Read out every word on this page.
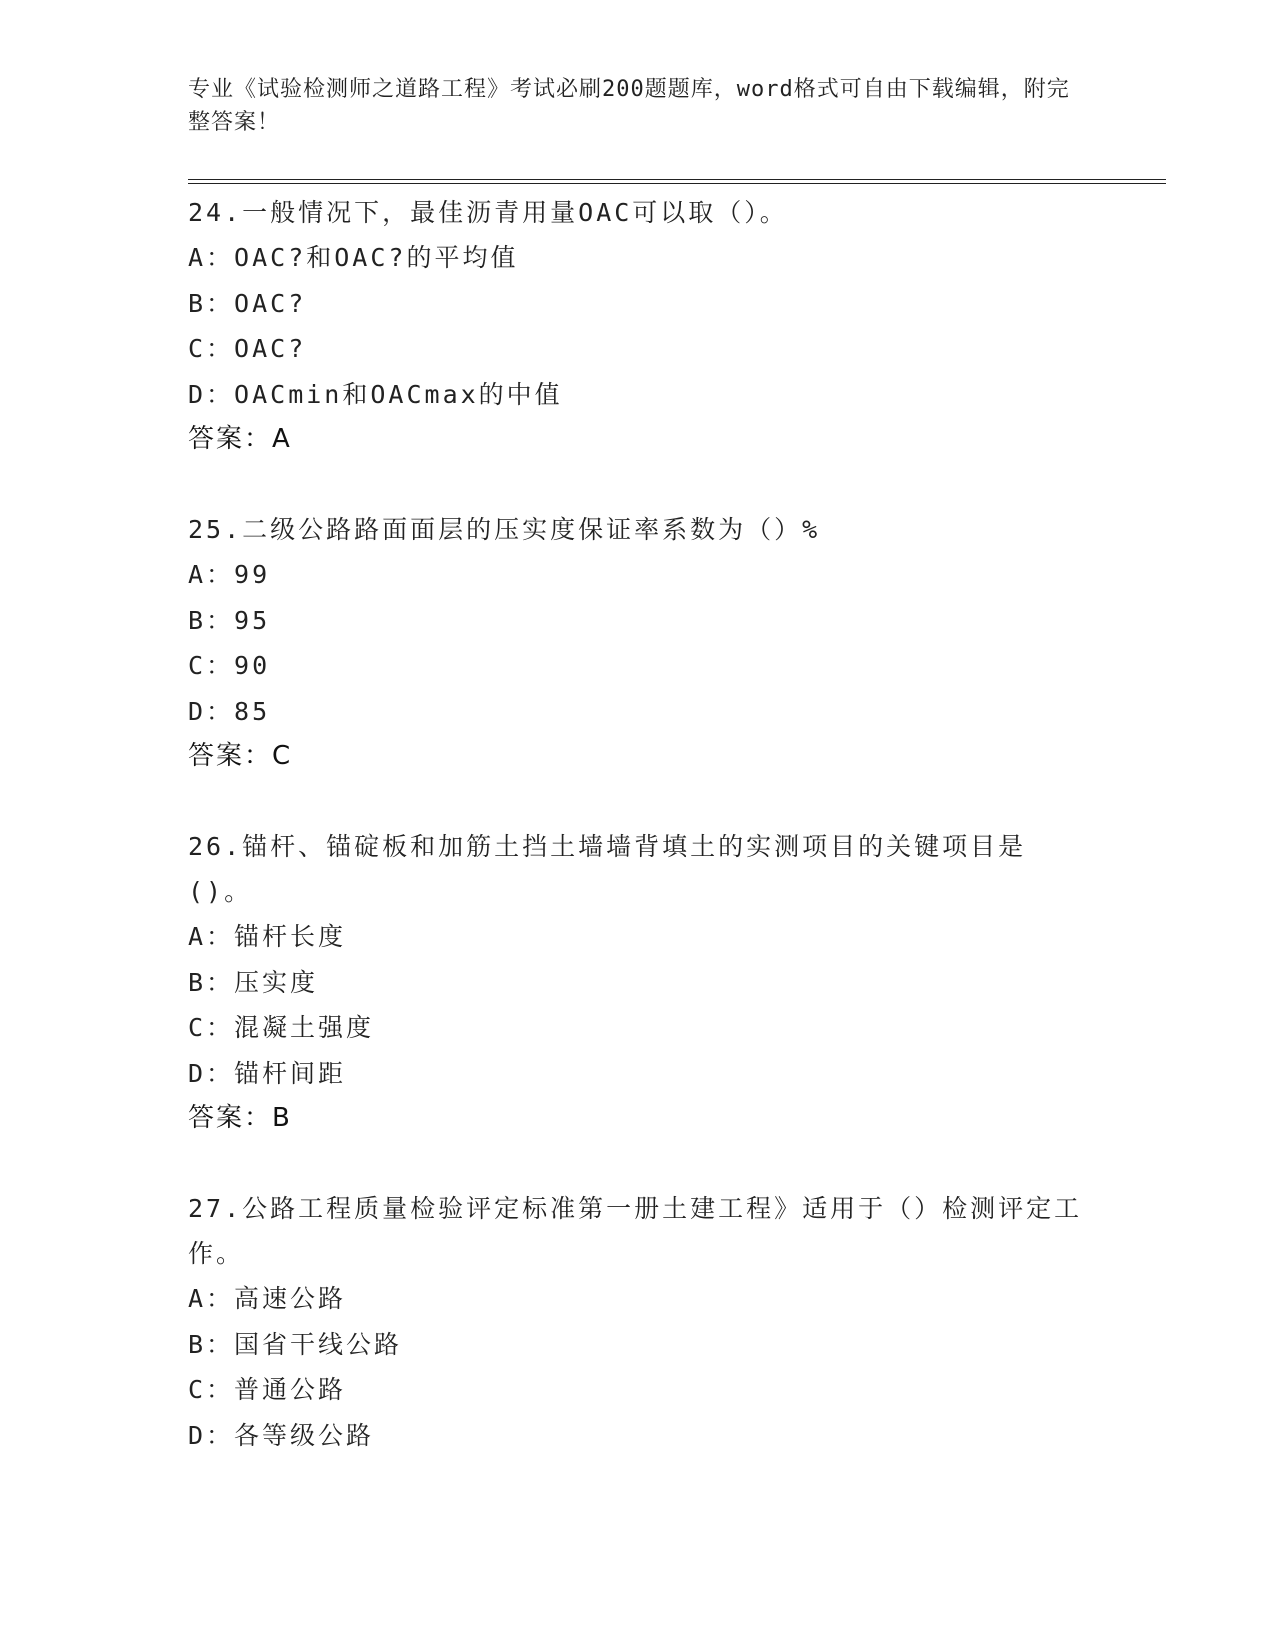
专业《试验检测师之道路工程》考试必刷200题题库，word格式可自由下载编辑，附完整答案！

24.一般情况下，最佳沥青用量OAC可以取（）。

A：OAC?和OAC?的平均值

B：OAC?

C：OAC?

D：OACmin和OACmax的中值

答案：A

25.二级公路路面面层的压实度保证率系数为（）%

A：99

B：95

C：90

D：85

答案：C

26.锚杆、锚碇板和加筋土挡土墙墙背填土的实测项目的关键项目是()。

A：锚杆长度

B：压实度

C：混凝土强度

D：锚杆间距

答案：B

27.公路工程质量检验评定标准第一册土建工程》适用于（）检测评定工作。

A：高速公路

B：国省干线公路

C：普通公路

D：各等级公路
